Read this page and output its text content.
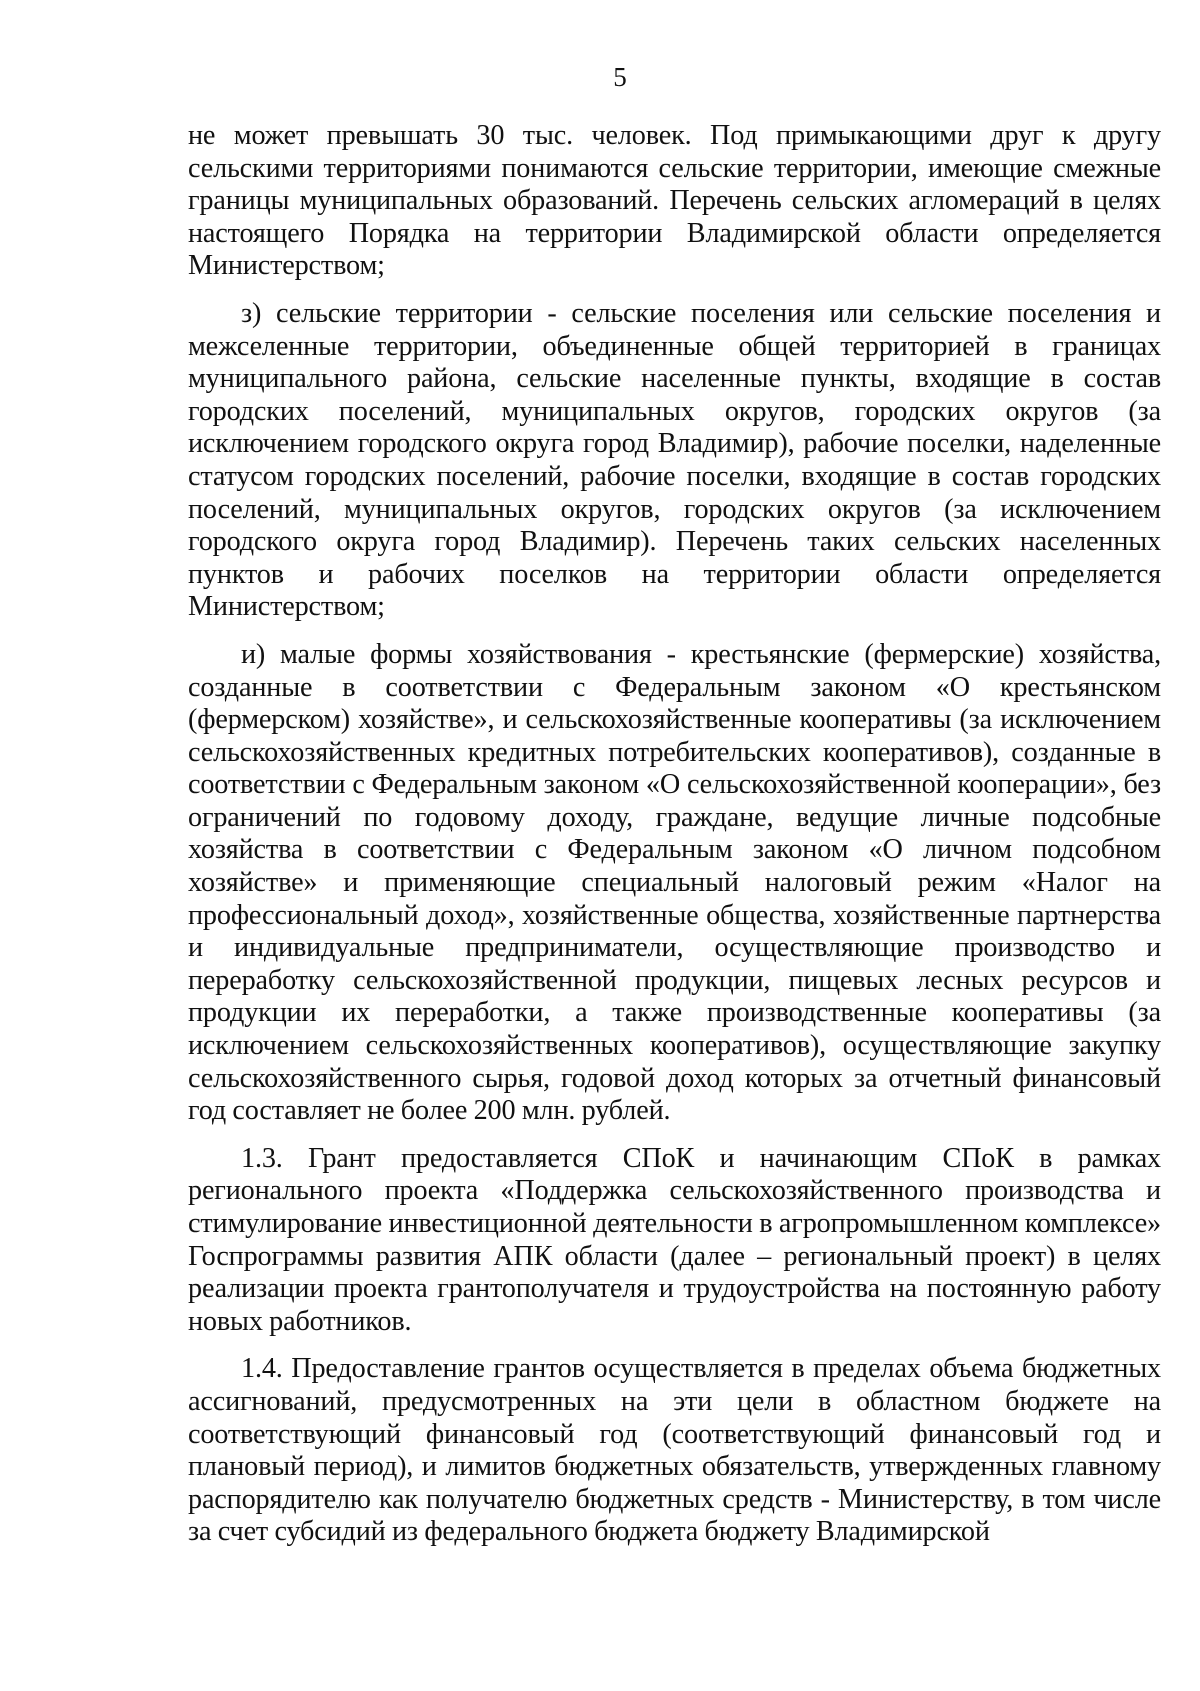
5

не может превышать 30 тыс. человек. Под примыкающими друг к другу сельскими территориями понимаются сельские территории, имеющие смежные границы муниципальных образований. Перечень сельских агломераций в целях настоящего Порядка на территории Владимирской области определяется Министерством;

з) сельские территории - сельские поселения или сельские поселения и межселенные территории, объединенные общей территорией в границах муниципального района, сельские населенные пункты, входящие в состав городских поселений, муниципальных округов, городских округов (за исключением городского округа город Владимир), рабочие поселки, наделенные статусом городских поселений, рабочие поселки, входящие в состав городских поселений, муниципальных округов, городских округов (за исключением городского округа город Владимир). Перечень таких сельских населенных пунктов и рабочих поселков на территории области определяется Министерством;

и) малые формы хозяйствования - крестьянские (фермерские) хозяйства, созданные в соответствии с Федеральным законом «О крестьянском (фермерском) хозяйстве», и сельскохозяйственные кооперативы (за исключением сельскохозяйственных кредитных потребительских кооперативов), созданные в соответствии с Федеральным законом «О сельскохозяйственной кооперации», без ограничений по годовому доходу, граждане, ведущие личные подсобные хозяйства в соответствии с Федеральным законом «О личном подсобном хозяйстве» и применяющие специальный налоговый режим «Налог на профессиональный доход», хозяйственные общества, хозяйственные партнерства и индивидуальные предприниматели, осуществляющие производство и переработку сельскохозяйственной продукции, пищевых лесных ресурсов и продукции их переработки, а также производственные кооперативы (за исключением сельскохозяйственных кооперативов), осуществляющие закупку сельскохозяйственного сырья, годовой доход которых за отчетный финансовый год составляет не более 200 млн. рублей.

1.3. Грант предоставляется СПоК и начинающим СПоК в рамках регионального проекта «Поддержка сельскохозяйственного производства и стимулирование инвестиционной деятельности в агропромышленном комплексе» Госпрограммы развития АПК области (далее – региональный проект) в целях реализации проекта грантополучателя и трудоустройства на постоянную работу новых работников.

1.4. Предоставление грантов осуществляется в пределах объема бюджетных ассигнований, предусмотренных на эти цели в областном бюджете на соответствующий финансовый год (соответствующий финансовый год и плановый период), и лимитов бюджетных обязательств, утвержденных главному распорядителю как получателю бюджетных средств - Министерству, в том числе за счет субсидий из федерального бюджета бюджету Владимирской
